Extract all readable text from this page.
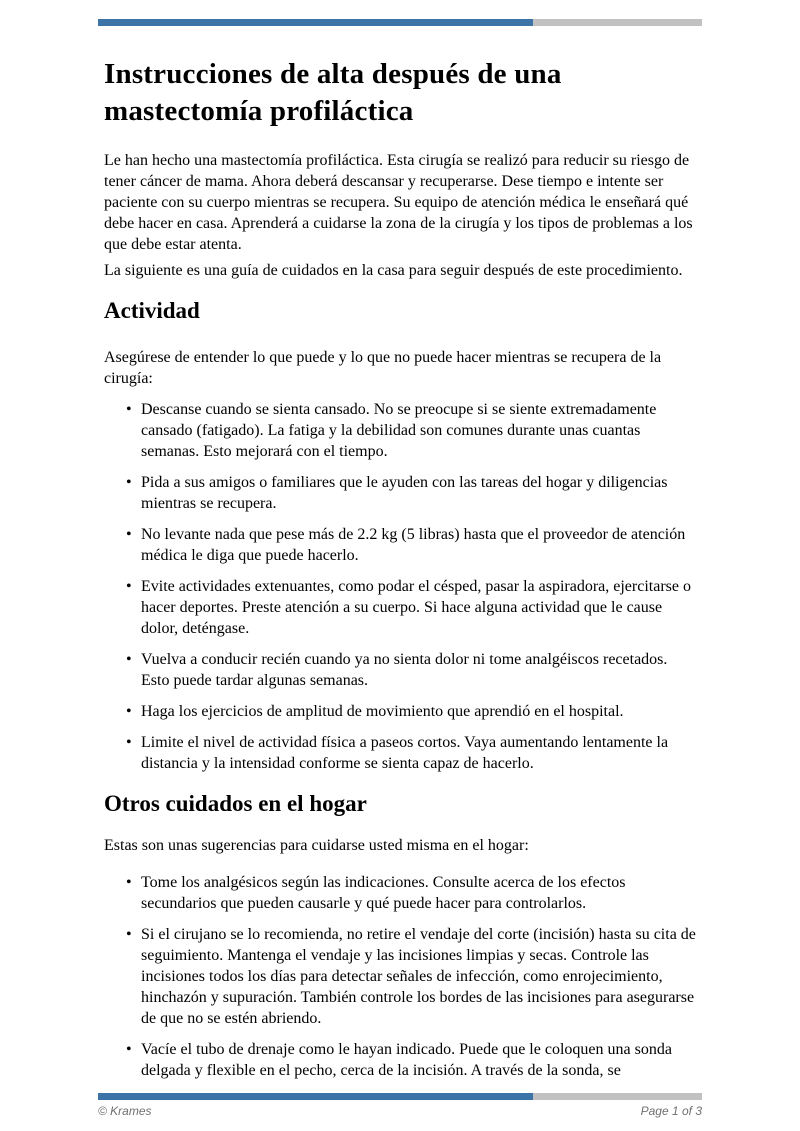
Instrucciones de alta después de una mastectomía profiláctica

Le han hecho una mastectomía profiláctica. Esta cirugía se realizó para reducir su riesgo de tener cáncer de mama. Ahora deberá descansar y recuperarse. Dese tiempo e intente ser paciente con su cuerpo mientras se recupera. Su equipo de atención médica le enseñará qué debe hacer en casa. Aprenderá a cuidarse la zona de la cirugía y los tipos de problemas a los que debe estar atenta.

La siguiente es una guía de cuidados en la casa para seguir después de este procedimiento.

Actividad

Asegúrese de entender lo que puede y lo que no puede hacer mientras se recupera de la cirugía:

• Descanse cuando se sienta cansado. No se preocupe si se siente extremadamente cansado (fatigado). La fatiga y la debilidad son comunes durante unas cuantas semanas. Esto mejorará con el tiempo.
• Pida a sus amigos o familiares que le ayuden con las tareas del hogar y diligencias mientras se recupera.
• No levante nada que pese más de 2.2 kg (5 libras) hasta que el proveedor de atención médica le diga que puede hacerlo.
• Evite actividades extenuantes, como podar el césped, pasar la aspiradora, ejercitarse o hacer deportes. Preste atención a su cuerpo. Si hace alguna actividad que le cause dolor, deténgase.
• Vuelva a conducir recién cuando ya no sienta dolor ni tome analgéiscos recetados. Esto puede tardar algunas semanas.
• Haga los ejercicios de amplitud de movimiento que aprendió en el hospital.
• Limite el nivel de actividad física a paseos cortos. Vaya aumentando lentamente la distancia y la intensidad conforme se sienta capaz de hacerlo.
Otros cuidados en el hogar

Estas son unas sugerencias para cuidarse usted misma en el hogar:

• Tome los analgésicos según las indicaciones. Consulte acerca de los efectos secundarios que pueden causarle y qué puede hacer para controlarlos.
• Si el cirujano se lo recomienda, no retire el vendaje del corte (incisión) hasta su cita de seguimiento. Mantenga el vendaje y las incisiones limpias y secas. Controle las incisiones todos los días para detectar señales de infección, como enrojecimiento, hinchazón y supuración. También controle los bordes de las incisiones para asegurarse de que no se estén abriendo.
• Vacíe el tubo de drenaje como le hayan indicado. Puede que le coloquen una sonda delgada y flexible en el pecho, cerca de la incisión. A través de la sonda, se
© Krames	Page 1 of 3
